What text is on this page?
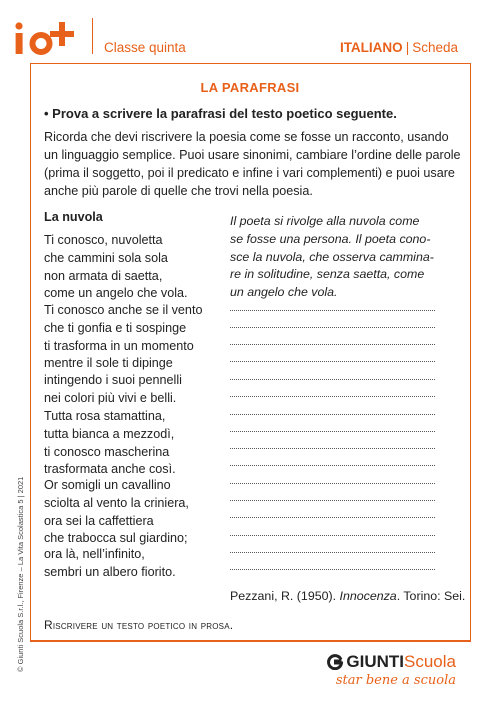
Classe quinta	ITALIANO | Scheda
LA PARAFRASI
• Prova a scrivere la parafrasi del testo poetico seguente.
Ricorda che devi riscrivere la poesia come se fosse un racconto, usando un linguaggio semplice. Puoi usare sinonimi, cambiare l’ordine delle parole (prima il soggetto, poi il predicato e infine i vari complementi) e puoi usare anche più parole di quelle che trovi nella poesia.
La nuvola
Ti conosco, nuvoletta
che cammini sola sola
non armata di saetta,
come un angelo che vola.
Ti conosco anche se il vento
che ti gonfia e ti sospinge
ti trasforma in un momento
mentre il sole ti dipinge
intingendo i suoi pennelli
nei colori più vivi e belli.
Tutta rosa stamattina,
tutta bianca a mezzodì,
ti conosco mascherina
trasformata anche così.
Or somigli un cavallino
sciolta al vento la criniera,
ora sei la caffettiera
che trabocca sul giardino;
ora là, nell’infinito,
sembri un albero fiorito.
Il poeta si rivolge alla nuvola come
se fosse una persona. Il poeta cono-
sce la nuvola, che osserva cammina-
re in solitudine, senza saetta, come
un angelo che vola.
Pezzani, R. (1950). Innocenza. Torino: Sei.
Riscrivere un testo poetico in prosa.
© Giunti Scuola S.r.l., Firenze – La Vita Scolastica 5 | 2021	GIUNTI Scuola
star bene a scuola
